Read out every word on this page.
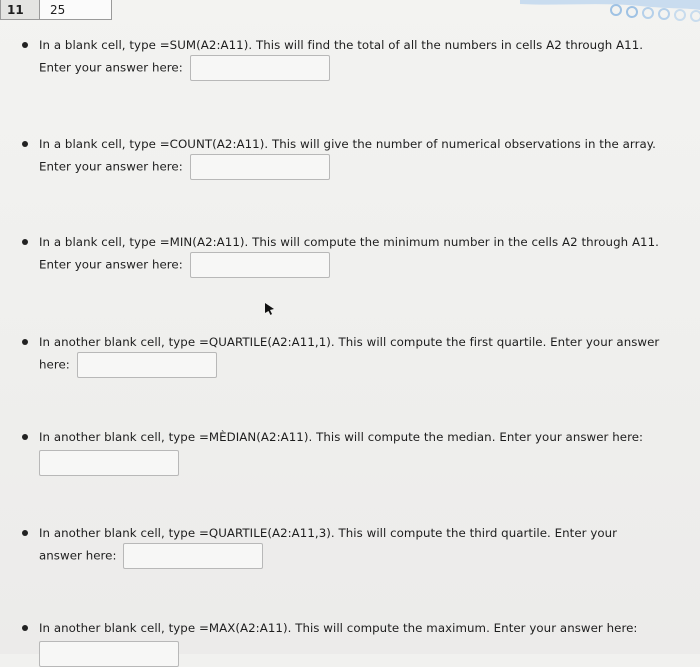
11	25
In a blank cell, type =SUM(A2:A11). This will find the total of all the numbers in cells A2 through A11.
Enter your answer here:
In a blank cell, type =COUNT(A2:A11). This will give the number of numerical observations in the array. Enter your answer here:
In a blank cell, type =MIN(A2:A11). This will compute the minimum number in the cells A2 through A11.
Enter your answer here:
In another blank cell, type =QUARTILE(A2:A11,1). This will compute the first quartile. Enter your answer
here:
In another blank cell, type =MÈDIAN(A2:A11). This will compute the median. Enter your answer here:
In another blank cell, type =QUARTILE(A2:A11,3). This will compute the third quartile. Enter your
answer here:
In another blank cell, type =MAX(A2:A11). This will compute the maximum. Enter your answer here:
